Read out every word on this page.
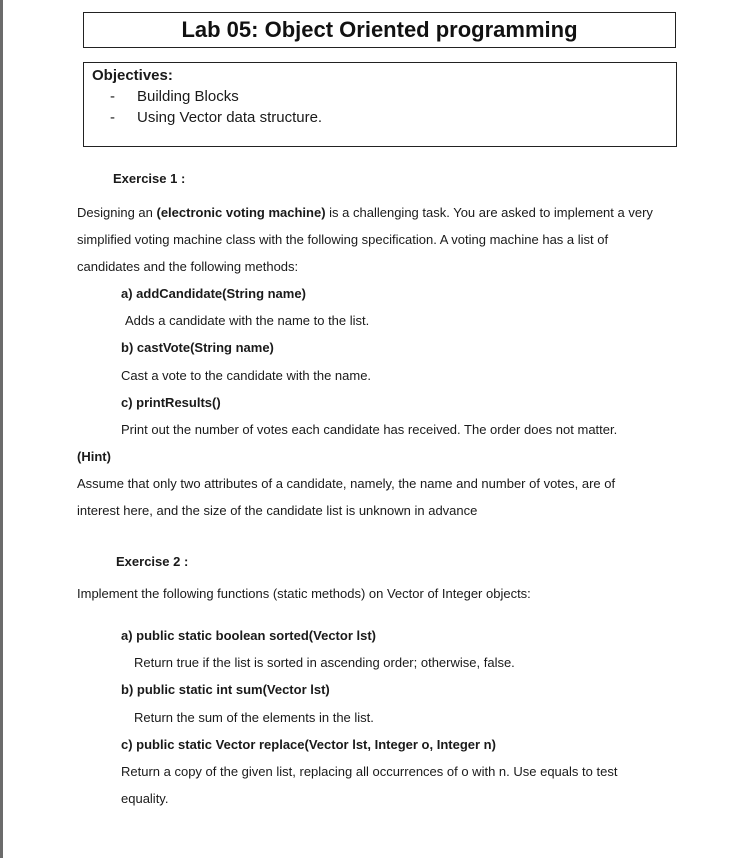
Lab 05: Object Oriented programming
Objectives:
-	Building Blocks
-	Using Vector data structure.
Exercise 1 :
Designing an (electronic voting machine) is a challenging task. You are asked to implement a very
simplified voting machine class with the following specification. A voting machine has a list of
candidates and the following methods:
a) addCandidate(String name)
Adds a candidate with the name to the list.
b) castVote(String name)
Cast a vote to the candidate with the name.
c) printResults()
Print out the number of votes each candidate has received. The order does not matter.
(Hint)
Assume that only two attributes of a candidate, namely, the name and number of votes, are of
interest here, and the size of the candidate list is unknown in advance
Exercise 2 :
Implement the following functions (static methods) on Vector of Integer objects:
a) public static boolean sorted(Vector lst)
Return true if the list is sorted in ascending order; otherwise, false.
b) public static int sum(Vector lst)
Return the sum of the elements in the list.
c) public static Vector replace(Vector lst, Integer o, Integer n)
Return a copy of the given list, replacing all occurrences of o with n. Use equals to test
equality.
